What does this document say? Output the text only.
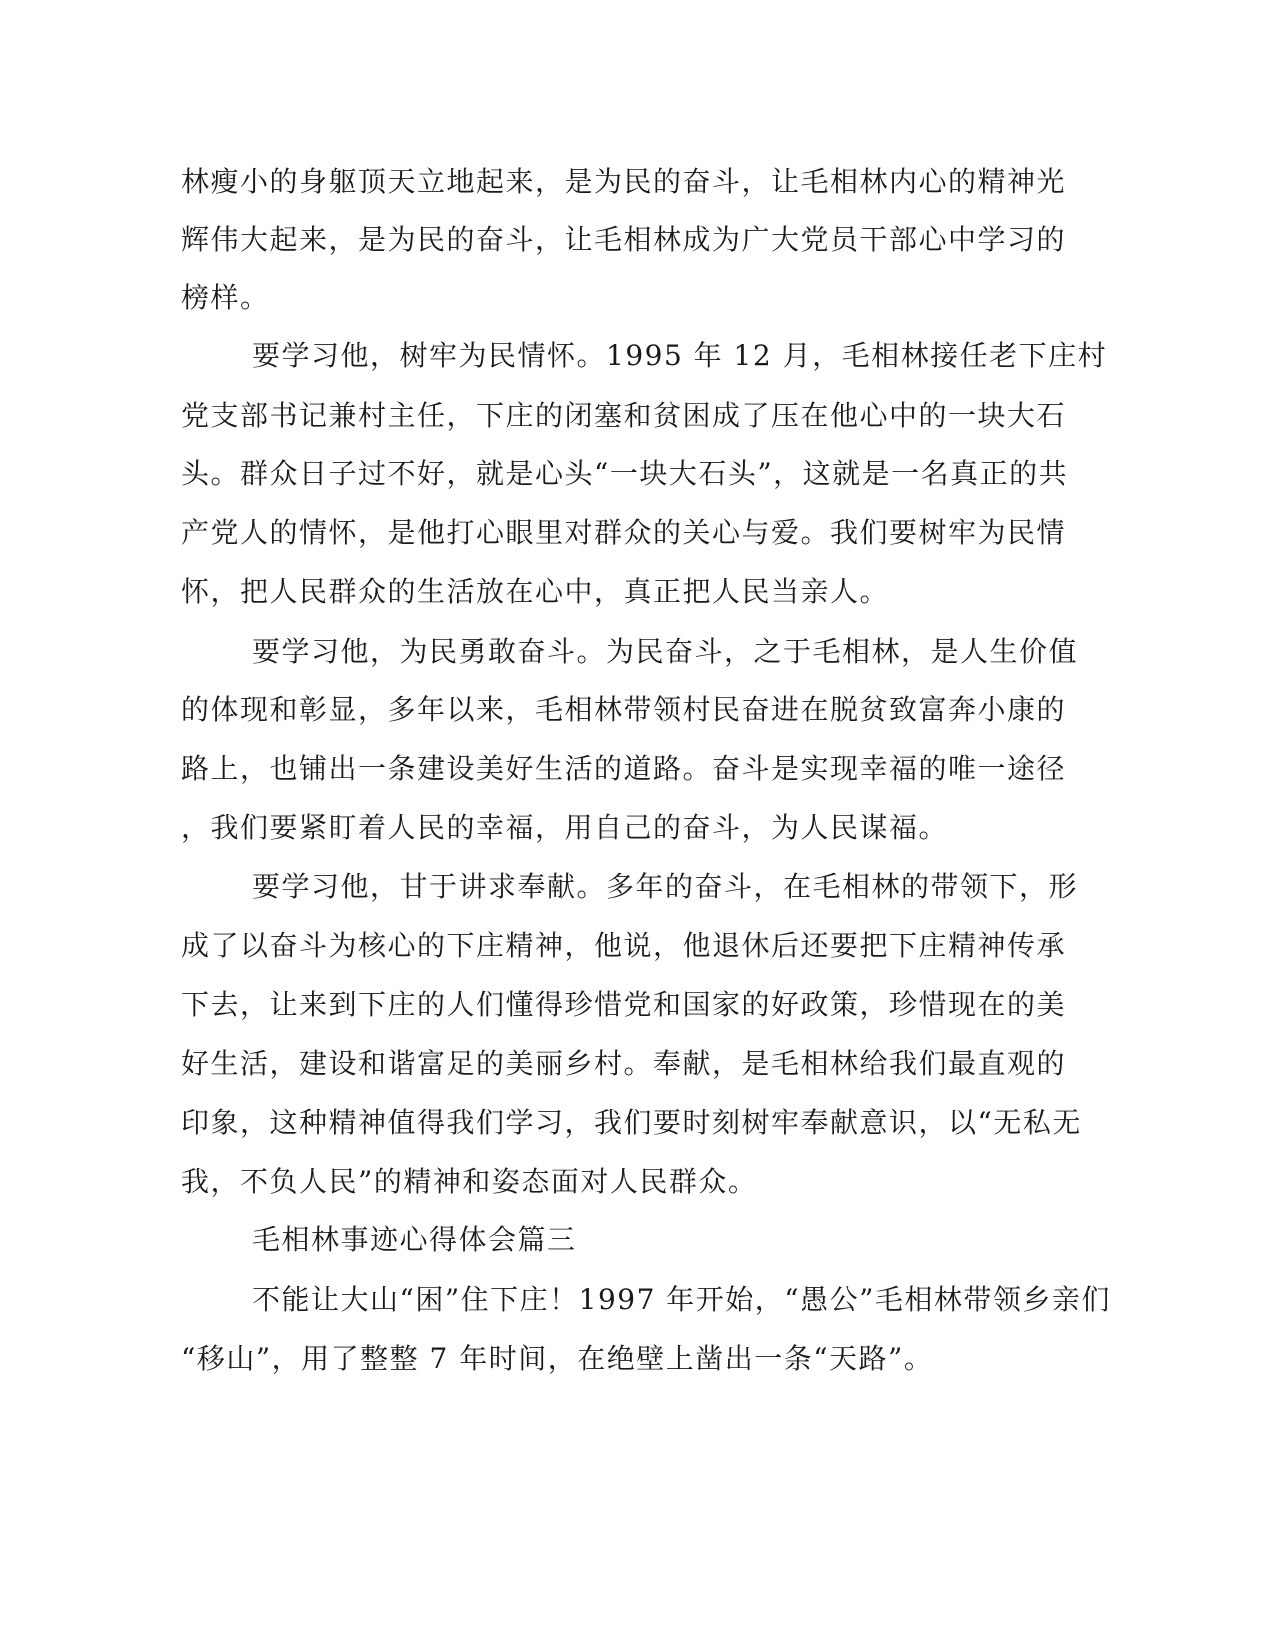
林瘦小的身躯顶天立地起来，是为民的奋斗，让毛相林内心的精神光
辉伟大起来，是为民的奋斗，让毛相林成为广大党员干部心中学习的
榜样。
要学习他，树牢为民情怀。1995 年 12 月，毛相林接任老下庄村
党支部书记兼村主任，下庄的闭塞和贫困成了压在他心中的一块大石
头。群众日子过不好，就是心头“一块大石头”，这就是一名真正的共
产党人的情怀，是他打心眼里对群众的关心与爱。我们要树牢为民情
怀，把人民群众的生活放在心中，真正把人民当亲人。
要学习他，为民勇敢奋斗。为民奋斗，之于毛相林，是人生价值
的体现和彰显，多年以来，毛相林带领村民奋进在脱贫致富奔小康的
路上，也铺出一条建设美好生活的道路。奋斗是实现幸福的唯一途径
，我们要紧盯着人民的幸福，用自己的奋斗，为人民谋福。
要学习他，甘于讲求奉献。多年的奋斗，在毛相林的带领下，形
成了以奋斗为核心的下庄精神，他说，他退休后还要把下庄精神传承
下去，让来到下庄的人们懂得珍惜党和国家的好政策，珍惜现在的美
好生活，建设和谐富足的美丽乡村。奉献，是毛相林给我们最直观的
印象，这种精神值得我们学习，我们要时刻树牢奉献意识，以“无私无
我，不负人民”的精神和姿态面对人民群众。
毛相林事迹心得体会篇三
不能让大山“困”住下庄！1997 年开始，“愚公”毛相林带领乡亲们
“移山”，用了整整 7 年时间，在绝壁上凿出一条“天路”。
